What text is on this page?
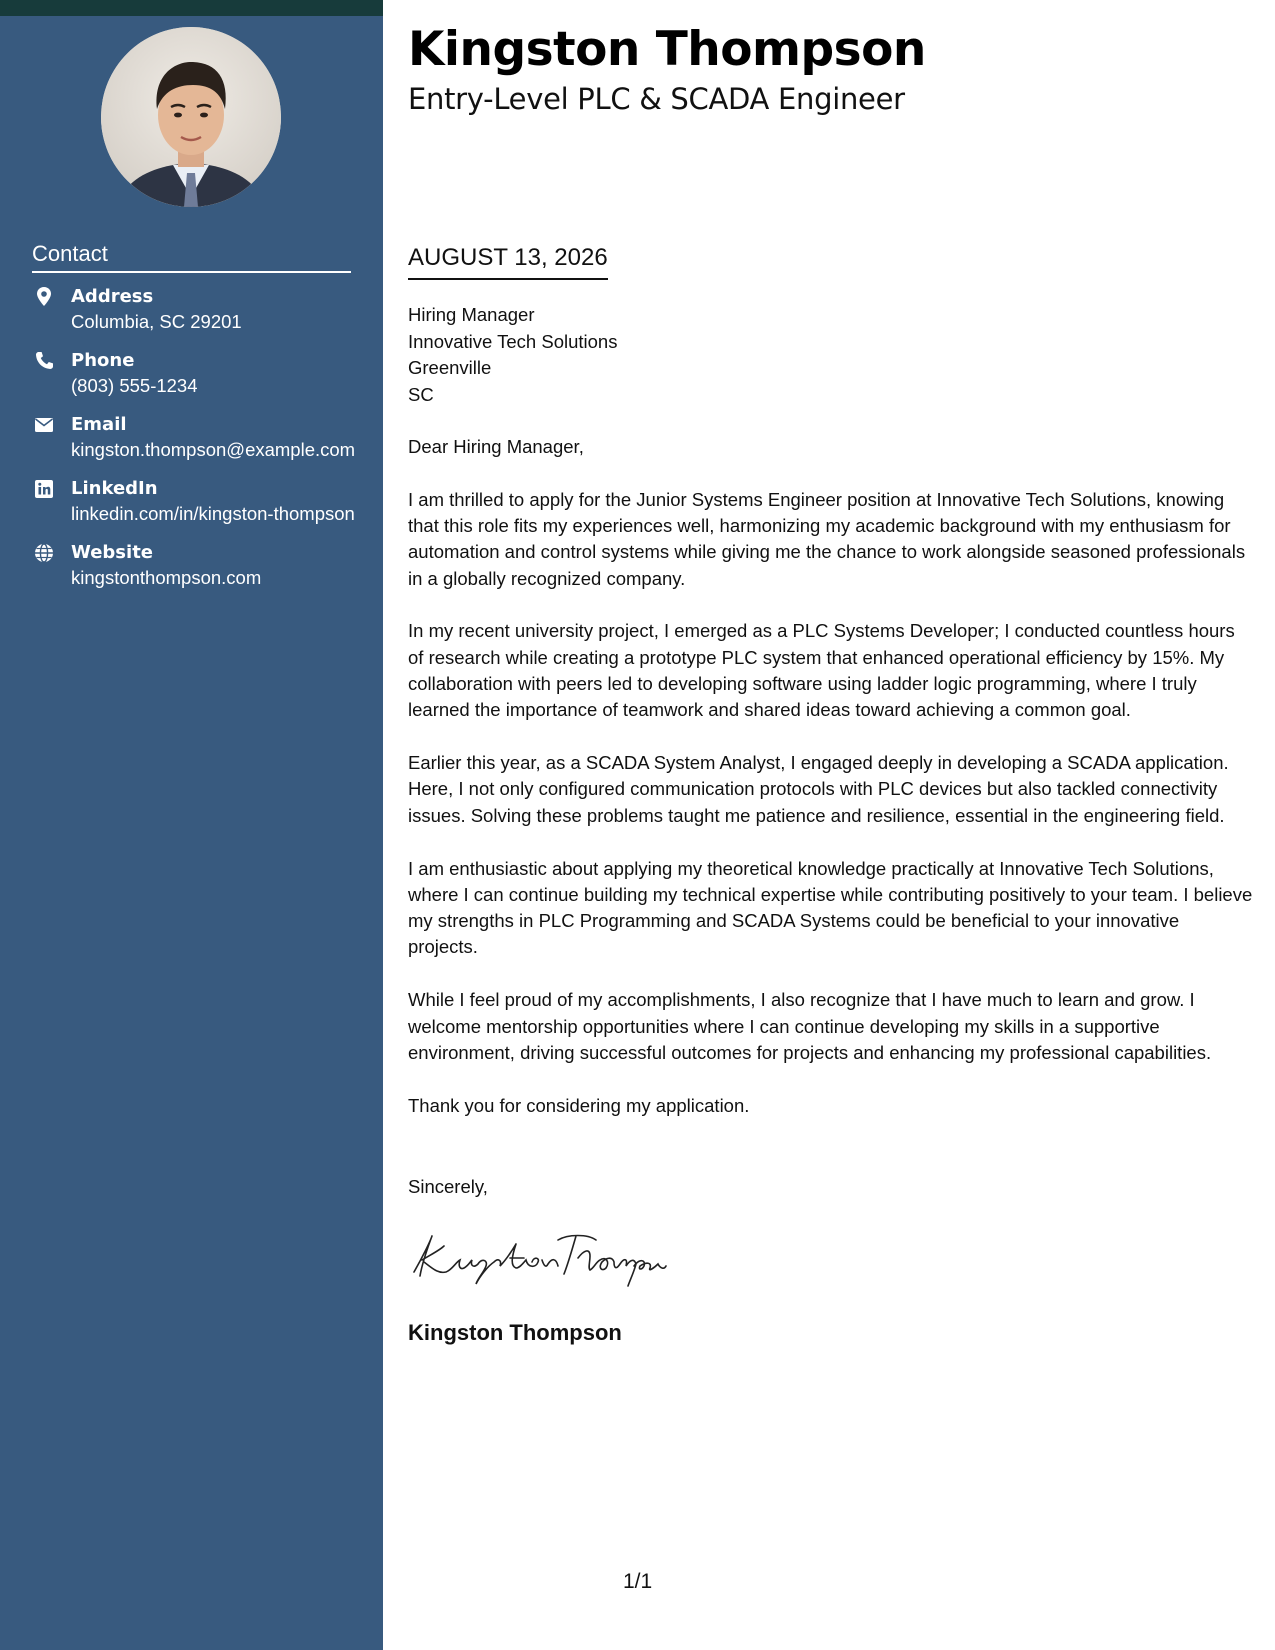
Contact
Address
Columbia, SC 29201
Phone
(803) 555-1234
Email
kingston.thompson@example.com
LinkedIn
linkedin.com/in/kingston-thompson
Website
kingstonthompson.com
Kingston Thompson
Entry-Level PLC & SCADA Engineer
AUGUST 13, 2026
Hiring Manager
Innovative Tech Solutions
Greenville
SC

Dear Hiring Manager,

I am thrilled to apply for the Junior Systems Engineer position at Innovative Tech Solutions, knowing that this role fits my experiences well, harmonizing my academic background with my enthusiasm for automation and control systems while giving me the chance to work alongside seasoned professionals in a globally recognized company.

In my recent university project, I emerged as a PLC Systems Developer; I conducted countless hours of research while creating a prototype PLC system that enhanced operational efficiency by 15%. My collaboration with peers led to developing software using ladder logic programming, where I truly learned the importance of teamwork and shared ideas toward achieving a common goal.

Earlier this year, as a SCADA System Analyst, I engaged deeply in developing a SCADA application. Here, I not only configured communication protocols with PLC devices but also tackled connectivity issues. Solving these problems taught me patience and resilience, essential in the engineering field.

I am enthusiastic about applying my theoretical knowledge practically at Innovative Tech Solutions, where I can continue building my technical expertise while contributing positively to your team. I believe my strengths in PLC Programming and SCADA Systems could be beneficial to your innovative projects.

While I feel proud of my accomplishments, I also recognize that I have much to learn and grow. I welcome mentorship opportunities where I can continue developing my skills in a supportive environment, driving successful outcomes for projects and enhancing my professional capabilities.

Thank you for considering my application.

Sincerely,
Kingston Thompson
1/1
